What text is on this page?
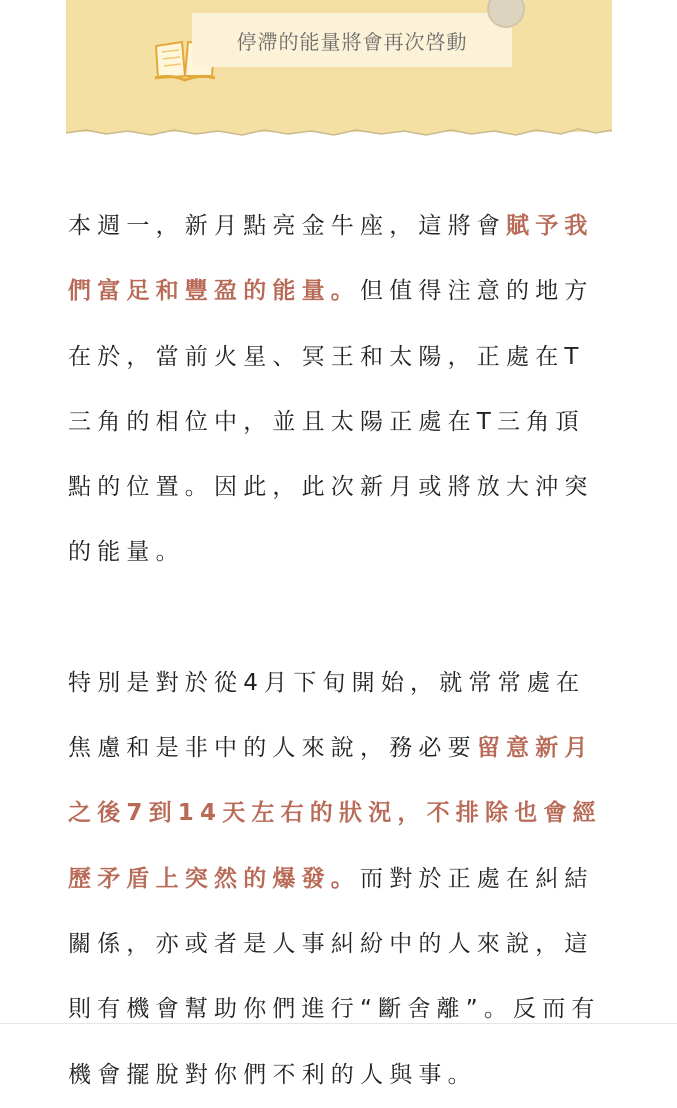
停滯的能量將會再次啓動

本週一，新月點亮金牛座，這將會賦予我們富足和豐盈的能量。但值得注意的地方在於，當前火星、冥王和太陽，正處在T三角的相位中，並且太陽正處在T三角頂點的位置。因此，此次新月或將放大沖突的能量。

特別是對於從4月下旬開始，就常常處在焦慮和是非中的人來說，務必要留意新月之後7到14天左右的狀況，不排除也會經歷矛盾上突然的爆發。而對於正處在糾結關係，亦或者是人事糾紛中的人來說，這則有機會幫助你們進行“斷舍離”。反而有機會擺脫對你們不利的人與事。
